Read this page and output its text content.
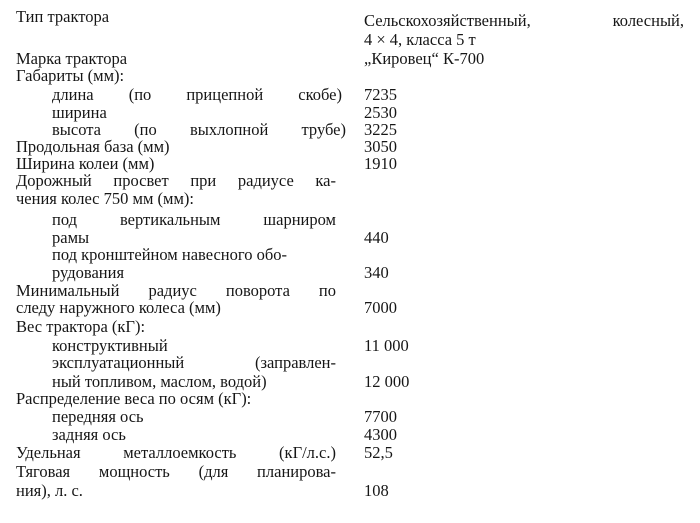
Тип трактора	Сельскохозяйственный, колесный,
4 × 4, класса 5 т
Марка трактора	„Кировец“ К-700
Габариты (мм):
длина (по прицепной скобе) 7235
ширина	2530
высота (по выхлопной трубе) 3225
Продольная база (мм)	3050
Ширина колеи (мм)	1910
Дорожный просвет при радиусе ка-
чения колес 750 мм (мм):
под вертикальным шарниром
рамы	440
под кронштейном навесного обо-
рудования	340
Минимальный радиус поворота по
следу наружного колеса (мм)	7000
Вес трактора (кГ):
конструктивный	11 000
эксплуатационный (заправлен-
ный топливом, маслом, водой)	12 000
Распределение веса по осям (кГ):
передняя ось	7700
задняя ось	4300
Удельная металлоемкость (кГ/л.с.) 52,5
Тяговая мощность (для планирова-
ния), л. с.	108
